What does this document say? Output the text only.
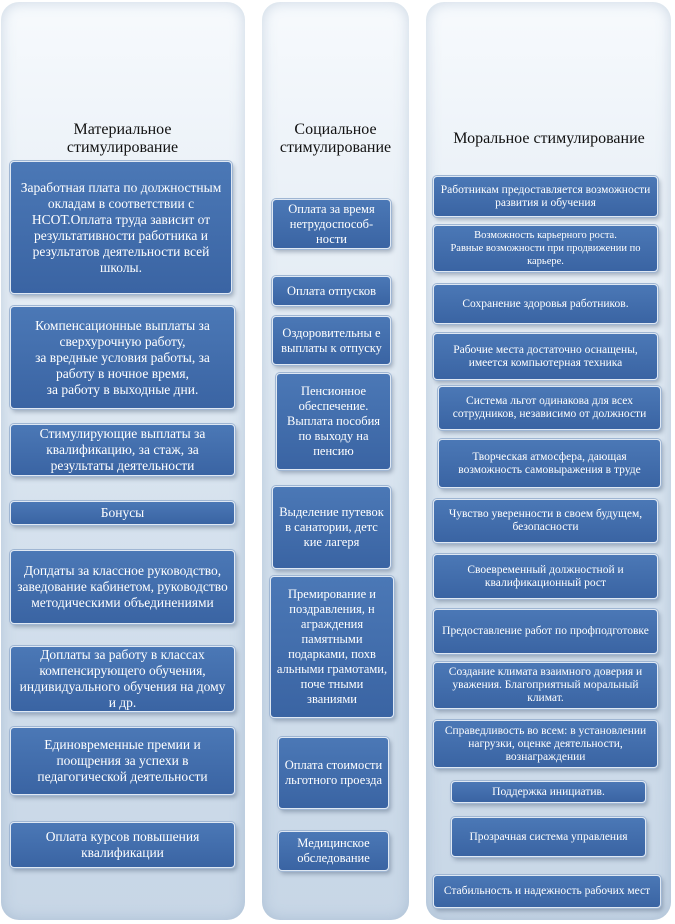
Материальное
стимулирование
Социальное
стимулирование
Моральное стимулирование
Заработная плата по должностным окладам в соответствии с НСОТ.Оплата труда зависит от результативности работника и результатов деятельности всей школы.
Компенсационные выплаты за сверхурочную работу,
за вредные условия работы, за работу в ночное время,
за работу в выходные дни.
Стимулирующие выплаты за квалификацию, за стаж, за результаты деятельности
Бонусы
Допдаты за классное руководство, заведование кабинетом, руководство методическими объединениями
Доплаты за работу в классах компенсирующего обучения, индивидуального обучения на дому и др.
Единовременные премии и поощрения за успехи в педагогической деятельности
Оплата курсов повышения квалификации
Оплата за время нетрудоспособ-ности
Оплата отпусков
Оздоровительны е выплаты к отпуску
Пенсионное обеспечение. Выплата пособия по выходу на пенсию
Выделение путевок в санатории, детс кие лагеря
Премирование и поздравления, н аграждения памятными подарками, похв альными грамотами, поче тными званиями
Оплата стоимости льготного проезда
Медицинское обследование
Работникам предоставляется возможности развития и обучения
Возможность карьерного роста.
Равные возможности при продвижении по карьере.
Сохранение здоровья работников.
Рабочие места достаточно оснащены, имеется компьютерная техника
Система льгот одинакова для всех сотрудников, независимо от должности
Творческая атмосфера, дающая возможность самовыражения в труде
Чувство уверенности в своем будущем, безопасности
Своевременный должностной и квалификационный рост
Предоставление работ по профподготовке
Создание климата взаимного доверия и уважения. Благоприятный моральный климат.
Справедливость во всем: в установлении нагрузки, оценке деятельности, вознаграждении
Поддержка инициатив.
Прозрачная система управления
Стабильность и надежность рабочих мест
